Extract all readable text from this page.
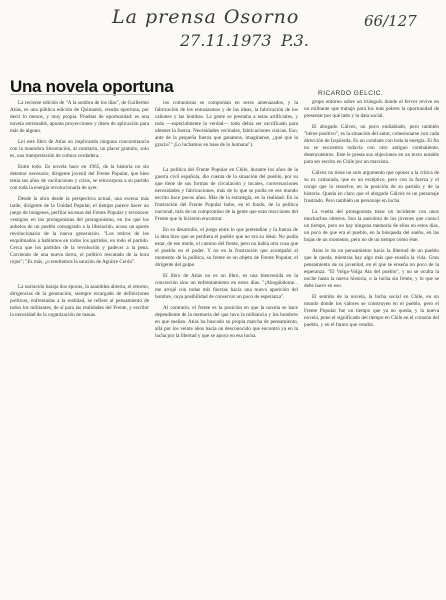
La prensa Osorno	66/127
27.11.1973 P.3.
Una novela oportuna	RICARDO GELCIC.

La reciente edición de "A la sombra de los días", de Guillermo Atías, es una pública edición de Quimantú, resulta oportuna, por decir lo menos, y muy propia. Pruebas de oportunidad: es una novela entrenable, apunta proyecciones y disen de aplicación para más de alguno.

Leí este libro de Atías no implicando ninguna concomitancia con la maniobra Sinceración, al contrario, un placer gratuito, solo es, una interpretación de cultura verdadera.

Entre todo. Es novela hace en 1965, de la historia no sin detentor necesario, dirigente juvenil del Frente Popular, que bien tenía sus años de vacilaciones y crisis, se reincorpora a su partido con toda la energía revolucionaria de ayer.

Desde la obra desde la perspectiva actual, una escena más tarde, dirigente de la Unidad Popular, el tiempo parece hacer un juego de imágenes, perfilar escenas del Frente Popular y reconocer vestigios en los protagonistas del protagonismo, en los que los anhelos de un pueblo consagrado a la liberación, acaso un aporte revolucionario de la nueva generación. "Los retiros de los esquilmados a hablarnos en todos los partidos, en todo el partido. Cerca que los partidos de la revolución y padecer a la pena. Corriendo de una nueva tierra, el político rescatado de la hora rojos"; "Es más, ¿o tendremos la sanción de Aguirre Cerda".

La narración baraja dos épocas, la asamblea abierta, el retorno, dirigencias de la generación, siempre recargado de definiciones políticas, enfrentadas a la realidad, se refiere al pensamiento de todos los militantes, de sí para las realidades del Frente, y escribir la necesidad de la organización de masas.

los comunistas se componían en seres amenazados, y la fabricación de los entusiasmos y de las ideas, la fabricación de los cañones y las bombas. La gente se prestaba a estas artificiales, y todo —especialmente la verdad— todo debía ser sacrificado para obtener la fuerza. Necesidades vecinales, fabricaciones cínicas. Eso, ante de la pequeña fuerza que ganamos, imagínense, ¿qué que la gracia? "¡Lo luchamos en base de lo humano").

La política del Frente Popular en Chile, durante los años de la guerra civil española, dio cuenta de la situación del pueblo, por su que tiene de sus formas de circulación y locales, conversaciones necesidades y fabricaciones, más de lo que se podía en ese mundo escrito hace pocos años. Más de la estrategia, en la realidad. En la frustración del Frente Popular hubo, en el fondo, de la política nacional, más de un compromiso de la gente que eran reacciones del Frente que lo hicieron encontrar.

En su desarrollo, el juego entre lo que pretendían y la fuerza de la idea hizo que se perdiera el pueblo que no era su ideal. No podía estar, de ese modo, el camino del frente, pero no había otra cosa que el pueblo en el poder. Y no en la frustración que acompañó al momento de la política, su frente es un objeto de Frente Popular, el dirigente del golpe.

El libro de Atías no es un libro, es una bienvenida en la concreción sino un enfrentamiento en estos días. "¡Abogándome... me arrojé con todas mis fuerzas hacia una nueva aparición del hombre, cuya posibilidad de conservar un poco de esperanza".

Al contrario, el frente es la posición en que la novela se hace dependiente de la memoria del que tuvo la militancia y los hombres en que sueñan. Atías ha buscado su propia marcha de pensamiento, allá por los veinte años hacia un desconocido que encontró ya en la lucha por la libertad y que se apoya en esa lucha.

grupo entorno sobre un triángulo donde el fervor revive en un militante que trabajó para los más pobres la oportunidad de presentar por qué lado y la data social.

El abogado Gálvez, un poco endiablado, pero también "héroe positivo", es la situación del autor, cohesionarse con cada dirección de Izquierda. Es un combate con toda la energía. El fin no se encuentra todavía con otro antiguo combatiente, desencuentros. Este le presta sus objeciones en un texto notable para ser escrito en Chile por un marxista.

Gálvez no tiene un solo argumento que oponer a la crítica de su ex camarada, que es un escéptico, pero con la fuerza y el coraje que lo resuelve, en la posición de su partido y de la historia. Queda en claro que el abogado Gálvez es un personaje frustrado. Pero también un personaje en lucha.

La vuelta del protagonista tiene un incidente con unos muchachos obreros. Son la anécdota de los jóvenes que conocí un tiempo, pero no hay ninguna memoria de ellos en estos días, un poco de que era el pueblo, en la búsqueda del sueño, en las hojas de un momento, pero no de un tiempo como éste.

Atías le da un pensamiento hacia la libertad de un pueblo que le queda, mientras hay algo más que enseña la vida. Gran pensamiento de su juventud, en el que se enseña un poco de la esperanza. "El Volga-Volga Ata del pueblo", y no se oculta la noche hasta la nueva historia, o la lucha sin frente, y lo que se debe hacer en eso.

El sentido de la novela, la lucha social en Chile, en un mundo donde los valores se construyen en el pueblo, pero el Frente Popular fue un tiempo que ya no queda, y la nueva novela, pone el significado del tiempo en Chile en el corazón del pueblo, y en el futuro que vendrá.
